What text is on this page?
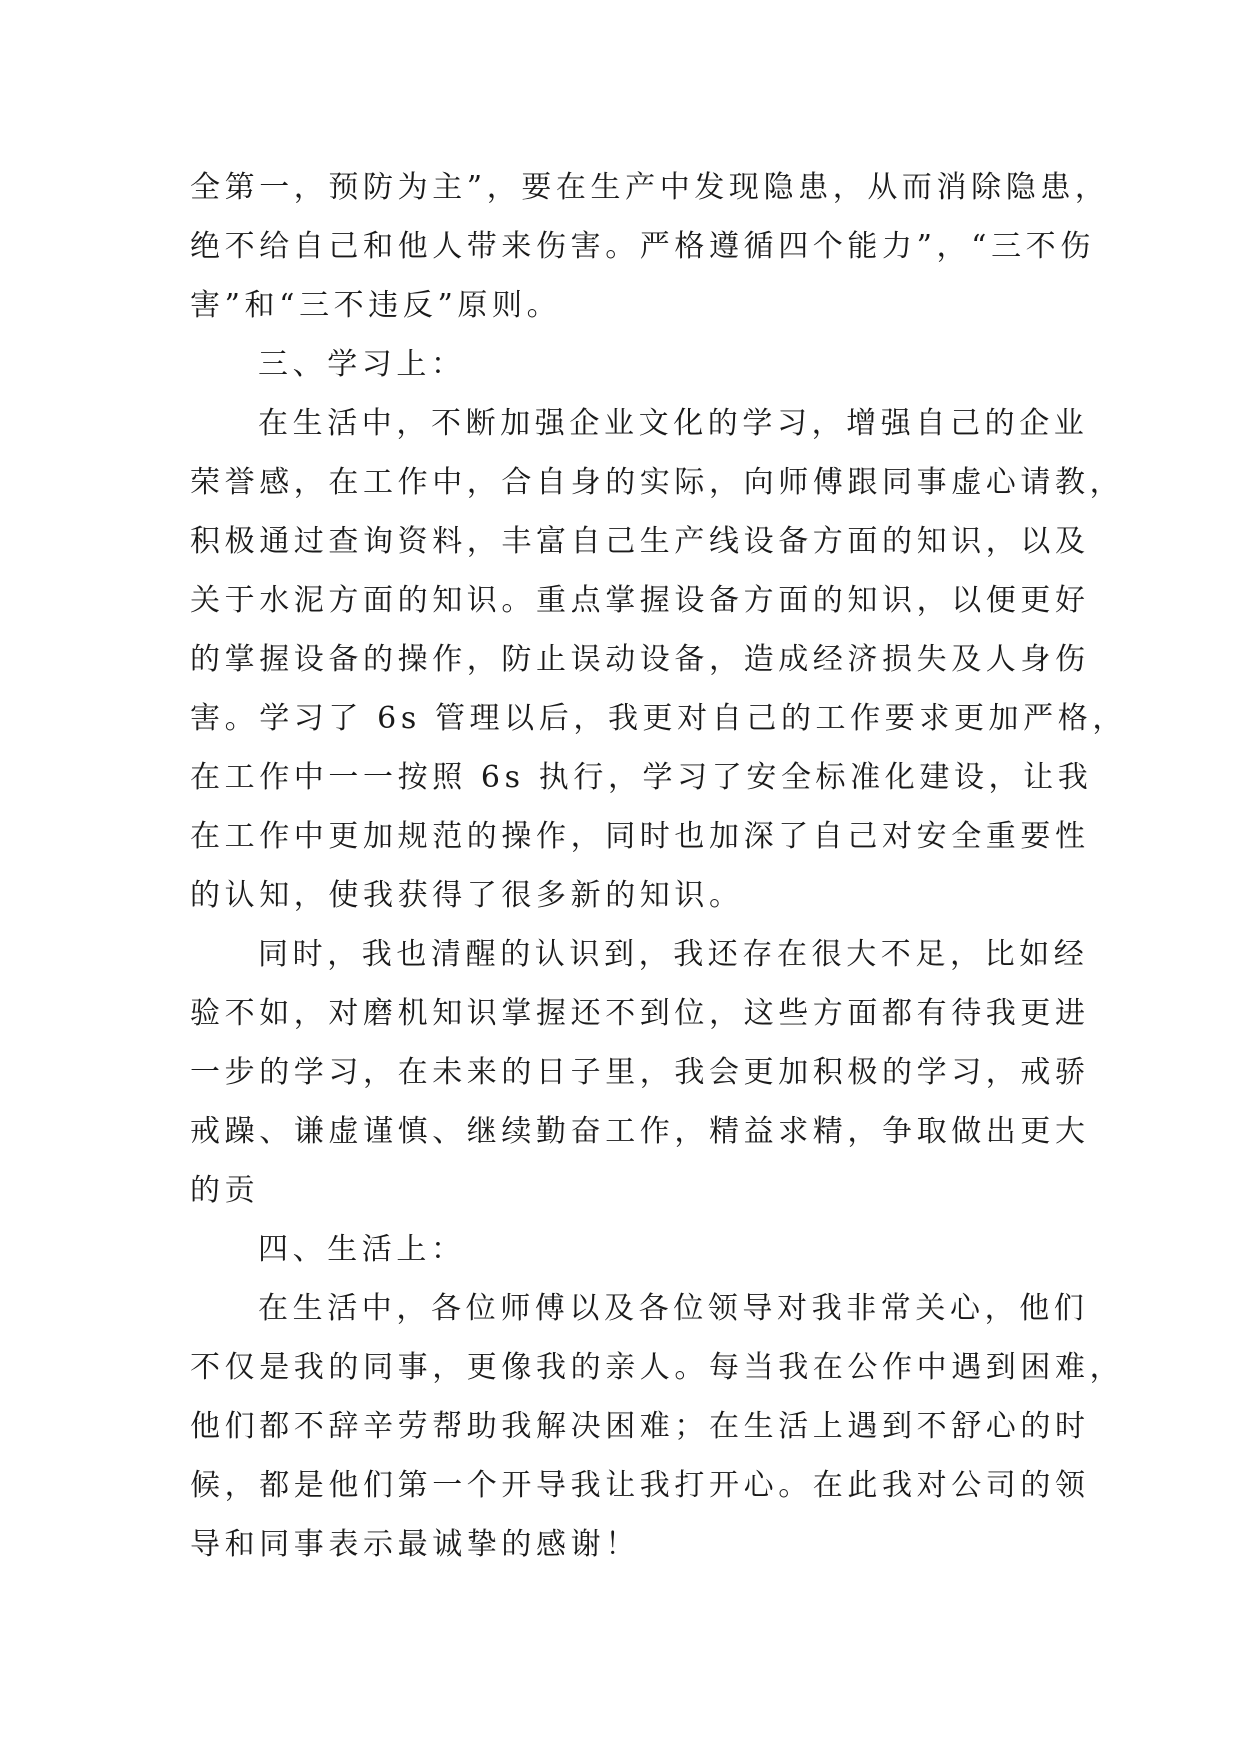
全第一，预防为主”，要在生产中发现隐患，从而消除隐患，
绝不给自己和他人带来伤害。严格遵循四个能力”，“三不伤
害”和“三不违反”原则。
三、学习上：
在生活中，不断加强企业文化的学习，增强自己的企业
荣誉感，在工作中，合自身的实际，向师傅跟同事虚心请教，
积极通过查询资料，丰富自己生产线设备方面的知识，以及
关于水泥方面的知识。重点掌握设备方面的知识，以便更好
的掌握设备的操作，防止误动设备，造成经济损失及人身伤
害。学习了 6s 管理以后，我更对自己的工作要求更加严格，
在工作中一一按照 6s 执行，学习了安全标准化建设，让我
在工作中更加规范的操作，同时也加深了自己对安全重要性
的认知，使我获得了很多新的知识。
同时，我也清醒的认识到，我还存在很大不足，比如经
验不如，对磨机知识掌握还不到位，这些方面都有待我更进
一步的学习，在未来的日子里，我会更加积极的学习，戒骄
戒躁、谦虚谨慎、继续勤奋工作，精益求精，争取做出更大
的贡
四、生活上：
在生活中，各位师傅以及各位领导对我非常关心，他们
不仅是我的同事，更像我的亲人。每当我在公作中遇到困难，
他们都不辞辛劳帮助我解决困难；在生活上遇到不舒心的时
候，都是他们第一个开导我让我打开心。在此我对公司的领
导和同事表示最诚挚的感谢！
